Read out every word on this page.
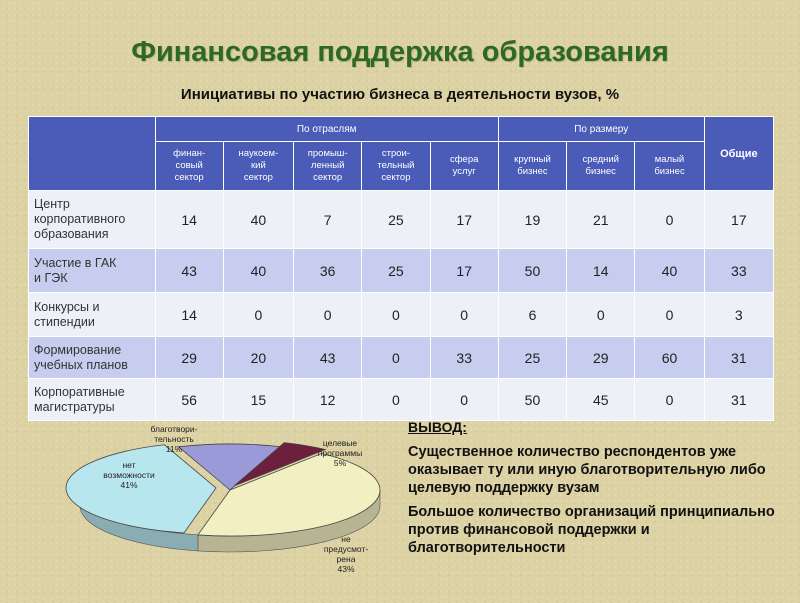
Финансовая поддержка образования
Инициативы по участию бизнеса в деятельности вузов, %
	По отраслям					По размеру			Общие
	финан-
совый
сектор	наукоем-
кий
сектор	промыш-
ленный
сектор	строи-
тельный
сектор	сфера
услуг	крупный
бизнес	средний
бизнес	малый
бизнес	
Центр
корпоративного
образования	14	40	7	25	17	19	21	0	17
Участие в ГАК
и ГЭК	43	40	36	25	17	50	14	40	33
Конкурсы и
стипендии	14	0	0	0	0	6	0	0	3
Формирование
учебных планов	29	20	43	0	33	25	29	60	31
Корпоративные
магистратуры	56	15	12	0	0	50	45	0	31
благотвори-
тельность
11%
целевые
программы
5%
нет
возможности
41%
не
предусмот-
рена
43%
ВЫВОД:
Существенное количество респондентов уже оказывает ту или иную благотворительную либо целевую поддержку вузам
Большое количество организаций принципиально против финансовой поддержки и благотворительности
